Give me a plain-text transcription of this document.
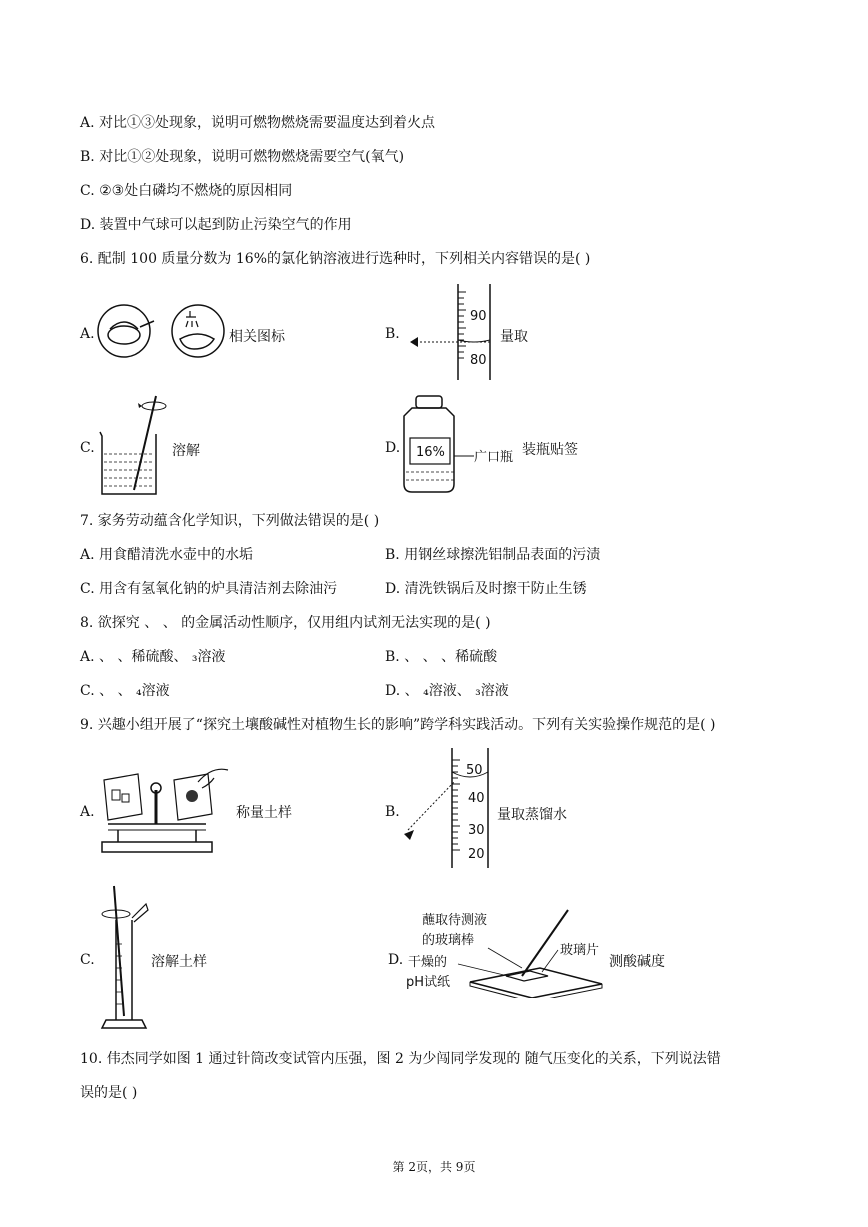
A. 对比①③处现象，说明可燃物燃烧需要温度达到着火点
B. 对比①②处现象，说明可燃物燃烧需要空气(氧气)
C. ②③处白磷均不燃烧的原因相同
D. 装置中气球可以起到防止污染空气的作用
6. 配制 100 质量分数为 16%的氯化钠溶液进行选种时，下列相关内容错误的是( )
A.	相关图标	B.
90
80
量取
C.	溶解	D. 16% 广口瓶 装瓶贴签
7. 家务劳动蕴含化学知识，下列做法错误的是( )
A. 用食醋清洗水壶中的水垢	B. 用钢丝球擦洗铝制品表面的污渍
C. 用含有氢氧化钠的炉具清洁剂去除油污	D. 清洗铁锅后及时擦干防止生锈
8. 欲探究 、 、 的金属活动性顺序，仅用组内试剂无法实现的是( )
A. 、 、稀硫酸、 ₃溶液	B. 、 、 、稀硫酸
C. 、 、 ₄溶液	D. 、 ₄溶液、 ₃溶液
9. 兴趣小组开展了“探究土壤酸碱性对植物生长的影响”跨学科实践活动。下列有关实验操作规范的是( )
A.	称量土样	B.
50
40
30
20
量取蒸馏水
C.	溶解土样	D.
蘸取待测液
的玻璃棒
玻璃片
干燥的
pH试纸
测酸碱度
10. 伟杰同学如图 1 通过针筒改变试管内压强，图 2 为少闯同学发现的 随气压变化的关系，下列说法错
误的是( )
第 2页，共 9页
